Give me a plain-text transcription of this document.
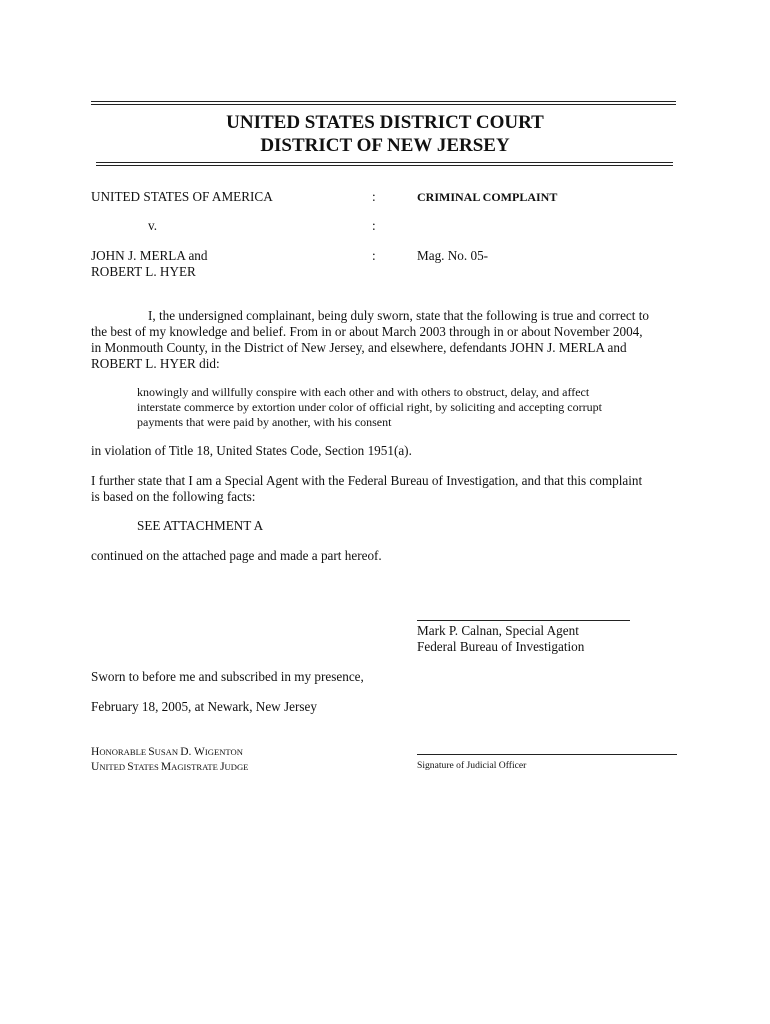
UNITED STATES DISTRICT COURT
DISTRICT OF NEW JERSEY
UNITED STATES OF AMERICA	:	CRIMINAL COMPLAINT
v.	:
JOHN J. MERLA and	:	Mag. No. 05-
ROBERT L. HYER
I, the undersigned complainant, being duly sworn, state that the following is true and correct to
the best of my knowledge and belief. From in or about March 2003 through in or about November 2004,
in Monmouth County, in the District of New Jersey, and elsewhere, defendants JOHN J. MERLA and
ROBERT L. HYER did:
knowingly and willfully conspire with each other and with others to obstruct, delay, and affect
interstate commerce by extortion under color of official right, by soliciting and accepting corrupt
payments that were paid by another, with his consent
in violation of Title 18, United States Code, Section 1951(a).
I further state that I am a Special Agent with the Federal Bureau of Investigation, and that this complaint
is based on the following facts:
SEE ATTACHMENT A
continued on the attached page and made a part hereof.
Mark P. Calnan, Special Agent
Federal Bureau of Investigation
Sworn to before me and subscribed in my presence,
February 18, 2005, at Newark, New Jersey
HONORABLE SUSAN D. WIGENTON
UNITED STATES MAGISTRATE JUDGE	Signature of Judicial Officer
